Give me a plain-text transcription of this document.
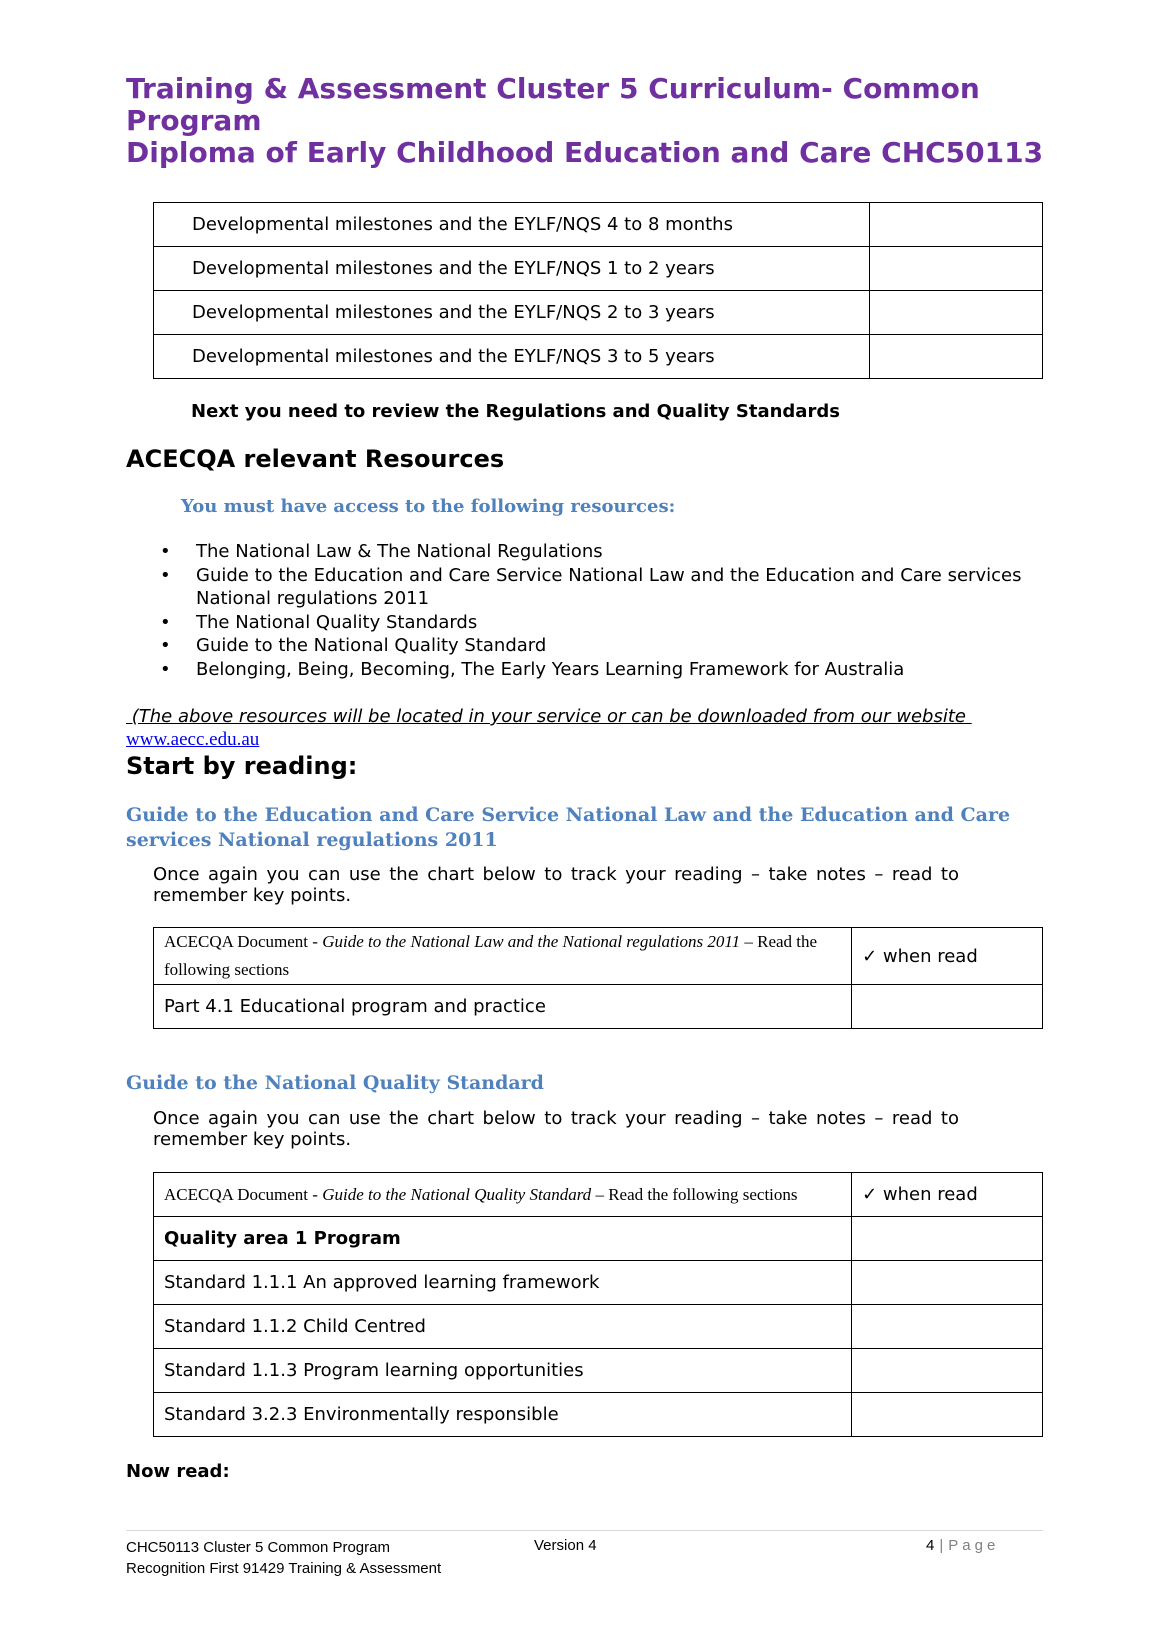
Training & Assessment Cluster 5 Curriculum- Common
Program
Diploma of Early Childhood Education and Care CHC50113
Developmental milestones and the EYLF/NQS 4 to 8 months	
Developmental milestones and the EYLF/NQS 1 to 2 years	
Developmental milestones and the EYLF/NQS 2 to 3 years	
Developmental milestones and the EYLF/NQS 3 to 5 years	
Next you need to review the Regulations and Quality Standards
ACECQA relevant Resources
You must have access to the following resources:
• The National Law & The National Regulations
• Guide to the Education and Care Service National Law and the Education and Care services National regulations 2011
• The National Quality Standards
• Guide to the National Quality Standard
• Belonging, Being, Becoming, The Early Years Learning Framework for Australia
(The above resources will be located in your service or can be downloaded from our website
www.aecc.edu.au
Start by reading:
Guide to the Education and Care Service National Law and the Education and Care services National regulations 2011
Once again you can use the chart below to track your reading – take notes – read to remember key points.
ACECQA Document - Guide to the National Law and the National regulations 2011 – Read the following sections	✓ when read
Part 4.1 Educational program and practice	
Guide to the National Quality Standard
Once again you can use the chart below to track your reading – take notes – read to remember key points.
ACECQA Document - Guide to the National Quality Standard – Read the following sections	✓ when read
Quality area 1 Program	
Standard 1.1.1 An approved learning framework	
Standard 1.1.2 Child Centred	
Standard 1.1.3 Program learning opportunities	
Standard 3.2.3 Environmentally responsible	
Now read:
CHC50113 Cluster 5 Common Program
Recognition First 91429 Training & Assessment
Version 4	4 | Page
